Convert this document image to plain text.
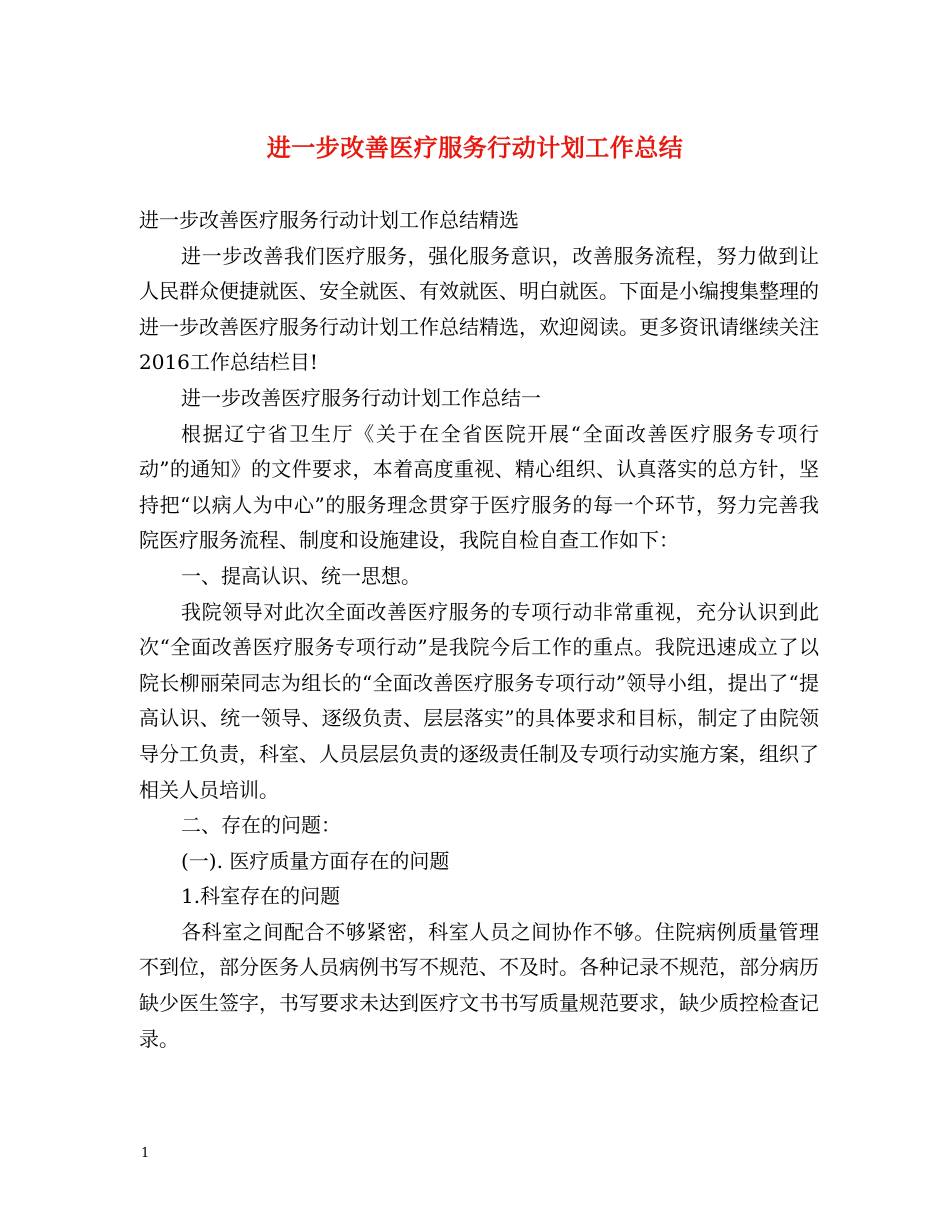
进一步改善医疗服务行动计划工作总结

进一步改善医疗服务行动计划工作总结精选

进一步改善我们医疗服务，强化服务意识，改善服务流程，努力做到让人民群众便捷就医、安全就医、有效就医、明白就医。下面是小编搜集整理的进一步改善医疗服务行动计划工作总结精选，欢迎阅读。更多资讯请继续关注2016工作总结栏目!

进一步改善医疗服务行动计划工作总结一

根据辽宁省卫生厅《关于在全省医院开展“全面改善医疗服务专项行动”的通知》的文件要求，本着高度重视、精心组织、认真落实的总方针，坚持把“以病人为中心”的服务理念贯穿于医疗服务的每一个环节，努力完善我院医疗服务流程、制度和设施建设，我院自检自查工作如下：

一、提高认识、统一思想。

我院领导对此次全面改善医疗服务的专项行动非常重视，充分认识到此次“全面改善医疗服务专项行动”是我院今后工作的重点。我院迅速成立了以院长柳丽荣同志为组长的“全面改善医疗服务专项行动”领导小组，提出了“提高认识、统一领导、逐级负责、层层落实”的具体要求和目标，制定了由院领导分工负责，科室、人员层层负责的逐级责任制及专项行动实施方案，组织了相关人员培训。

二、存在的问题：

(一). 医疗质量方面存在的问题

1.科室存在的问题

各科室之间配合不够紧密，科室人员之间协作不够。住院病例质量管理不到位，部分医务人员病例书写不规范、不及时。各种记录不规范，部分病历缺少医生签字，书写要求未达到医疗文书书写质量规范要求，缺少质控检查记录。

1
